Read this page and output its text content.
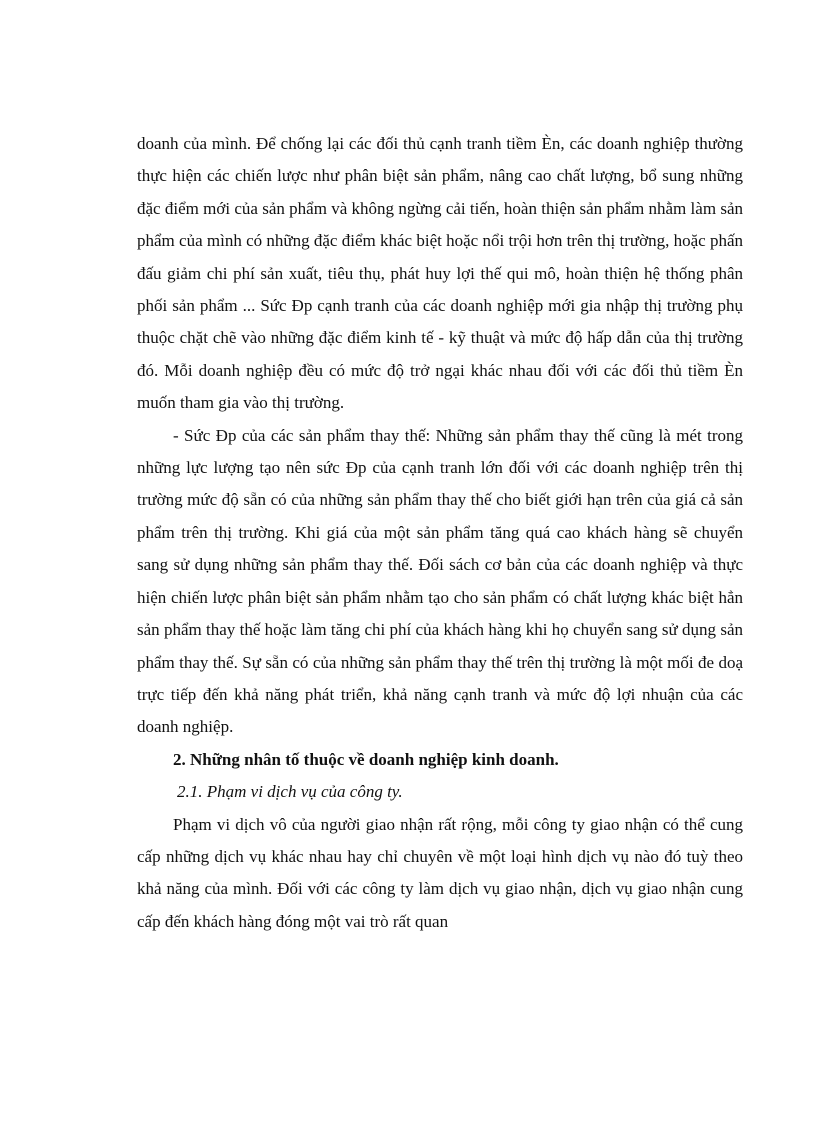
doanh của mình. Để chống lại các đối thủ cạnh tranh tiềm Èn, các doanh nghiệp thường thực hiện các chiến lược như phân biệt sản phẩm, nâng cao chất lượng, bổ sung những đặc điểm mới của sản phẩm và không ngừng cải tiến, hoàn thiện sản phẩm nhằm làm sản phẩm của mình có những đặc điểm khác biệt hoặc nổi trội hơn trên thị trường, hoặc phấn đấu giảm chi phí sản xuất, tiêu thụ, phát huy lợi thế qui mô, hoàn thiện hệ thống phân phối sản phẩm ... Sức Ðp cạnh tranh của các doanh nghiệp mới gia nhập thị trường phụ thuộc chặt chẽ vào những đặc điểm kinh tế - kỹ thuật và mức độ hấp dẫn của thị trường đó. Mỗi doanh nghiệp đều có mức độ trở ngại khác nhau đối với các đối thủ tiềm Èn muốn tham gia vào thị trường.

- Sức Ðp của các sản phẩm thay thế: Những sản phẩm thay thế cũng là mét trong những lực lượng tạo nên sức Ðp của cạnh tranh lớn đối với các doanh nghiệp trên thị trường mức độ sẵn có của những sản phẩm thay thế cho biết giới hạn trên của giá cả sản phẩm trên thị trường. Khi giá của một sản phẩm tăng quá cao khách hàng sẽ chuyển sang sử dụng những sản phẩm thay thế. Đối sách cơ bản của các doanh nghiệp và thực hiện chiến lược phân biệt sản phẩm nhằm tạo cho sản phẩm có chất lượng khác biệt hẳn sản phẩm thay thế hoặc làm tăng chi phí của khách hàng khi họ chuyển sang sử dụng sản phẩm thay thế. Sự sẵn có của những sản phẩm thay thế trên thị trường là một mối đe doạ trực tiếp đến khả năng phát triển, khả năng cạnh tranh và mức độ lợi nhuận của các doanh nghiệp.

2. Những nhân tố thuộc về doanh nghiệp kinh doanh.

2.1. Phạm vi dịch vụ của công ty.

Phạm vi dịch vô của người giao nhận rất rộng, mỗi công ty giao nhận có thể cung cấp những dịch vụ khác nhau hay chỉ chuyên về một loại hình dịch vụ nào đó tuỳ theo khả năng của mình. Đối với các công ty làm dịch vụ giao nhận, dịch vụ giao nhận cung cấp đến khách hàng đóng một vai trò rất quan
